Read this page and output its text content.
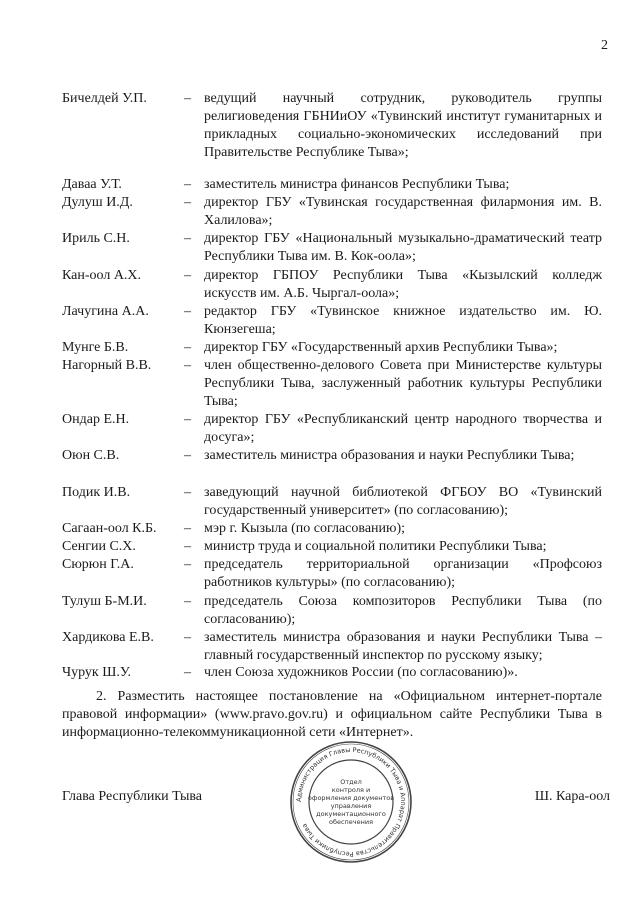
2
Бичелдей У.П.	– ведущий научный сотрудник, руководитель группы религиоведения ГБНИиОУ «Тувинский институт гуманитарных и прикладных социально-экономических исследований при Правительстве Республике Тыва»;
Даваа У.Т.	– заместитель министра финансов Республики Тыва;
Дулуш И.Д.	– директор ГБУ «Тувинская государственная филармония им. В. Халилова»;
Ириль С.Н.	– директор ГБУ «Национальный музыкально-драматический театр Республики Тыва им. В. Кок-оола»;
Кан-оол А.Х.	– директор ГБПОУ Республики Тыва «Кызылский колледж искусств им. А.Б. Чыргал-оола»;
Лачугина А.А.	– редактор ГБУ «Тувинское книжное издательство им. Ю. Кюнзегеша;
Мунге Б.В.	– директор ГБУ «Государственный архив Республики Тыва»;
Нагорный В.В.	– член общественно-делового Совета при Министерстве культуры Республики Тыва, заслуженный работник культуры Республики Тыва;
Ондар Е.Н.	– директор ГБУ «Республиканский центр народного творчества и досуга»;
Оюн С.В.	– заместитель министра образования и науки Республики Тыва;
Подик И.В.	– заведующий научной библиотекой ФГБОУ ВО «Тувинский государственный университет» (по согласованию);
Сагаан-оол К.Б.	– мэр г. Кызыла (по согласованию);
Сенгии С.Х.	– министр труда и социальной политики Республики Тыва;
Сюрюн Г.А.	– председатель территориальной организации «Профсоюз работников культуры» (по согласованию);
Тулуш Б-М.И.	– председатель Союза композиторов Республики Тыва (по согласованию);
Хардикова Е.В.	– заместитель министра образования и науки Республики Тыва – главный государственный инспектор по русскому языку;
Чурук Ш.У.	– член Союза художников России (по согласованию)».
2. Разместить настоящее постановление на «Официальном интернет-портале правовой информации» (www.pravo.gov.ru) и официальном сайте Республики Тыва в информационно-телекоммуникационной сети «Интернет».
Глава Республики Тыва	Администрация Главы Республики Тыва и Аппарат Правительства Республики Тыва
Отдел
контроля и
оформления документов
управления
документационного
обеспечения
Ш. Кара-оол
